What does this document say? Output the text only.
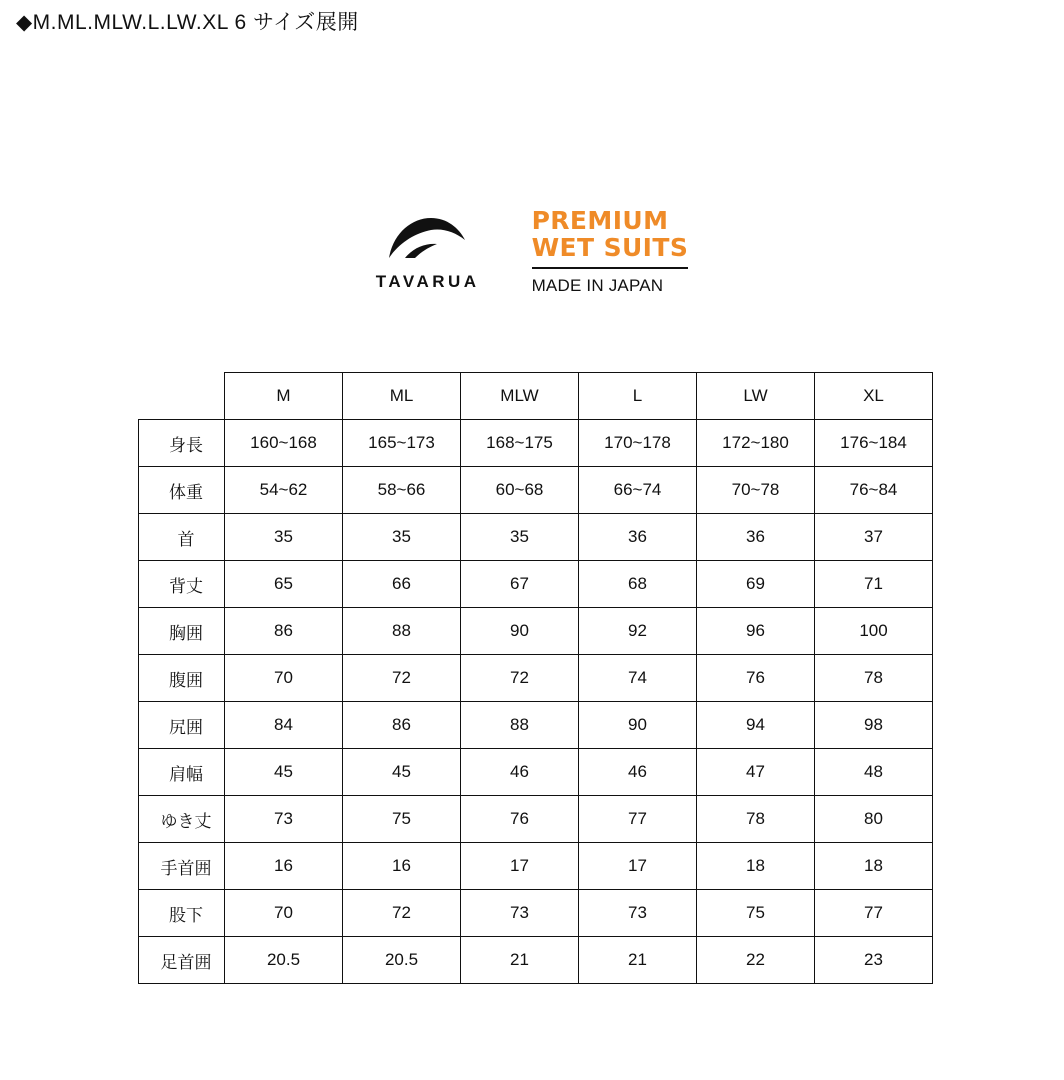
◆M.ML.MLW.L.LW.XL 6 サイズ展開
TAVARUA
PREMIUM
WET SUITS
MADE IN JAPAN
	M	ML	MLW	L	LW	XL
身長	160~168	165~173	168~175	170~178	172~180	176~184
体重	54~62	58~66	60~68	66~74	70~78	76~84
首	35	35	35	36	36	37
背丈	65	66	67	68	69	71
胸囲	86	88	90	92	96	100
腹囲	70	72	72	74	76	78
尻囲	84	86	88	90	94	98
肩幅	45	45	46	46	47	48
ゆき丈	73	75	76	77	78	80
手首囲	16	16	17	17	18	18
股下	70	72	73	73	75	77
足首囲	20.5	20.5	21	21	22	23
